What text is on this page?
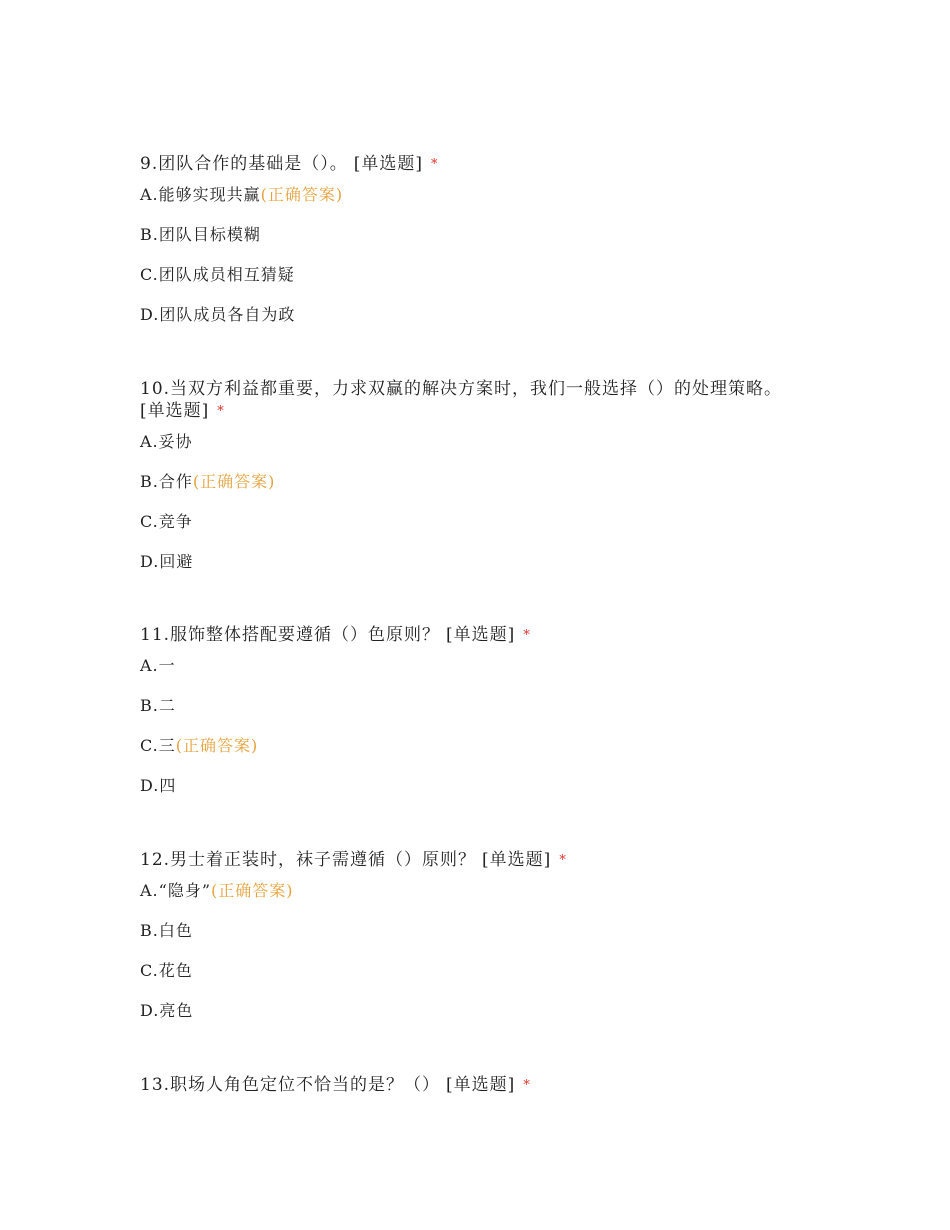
9.团队合作的基础是（）。 [单选题] *
A.能够实现共赢(正确答案)
B.团队目标模糊
C.团队成员相互猜疑
D.团队成员各自为政
10.当双方利益都重要，力求双赢的解决方案时，我们一般选择（）的处理策略。
[单选题] *
A.妥协
B.合作(正确答案)
C.竞争
D.回避
11.服饰整体搭配要遵循（）色原则？ [单选题] *
A.一
B.二
C.三(正确答案)
D.四
12.男士着正装时，袜子需遵循（）原则？ [单选题] *
A.“隐身”(正确答案)
B.白色
C.花色
D.亮色
13.职场人角色定位不恰当的是？（） [单选题] *
